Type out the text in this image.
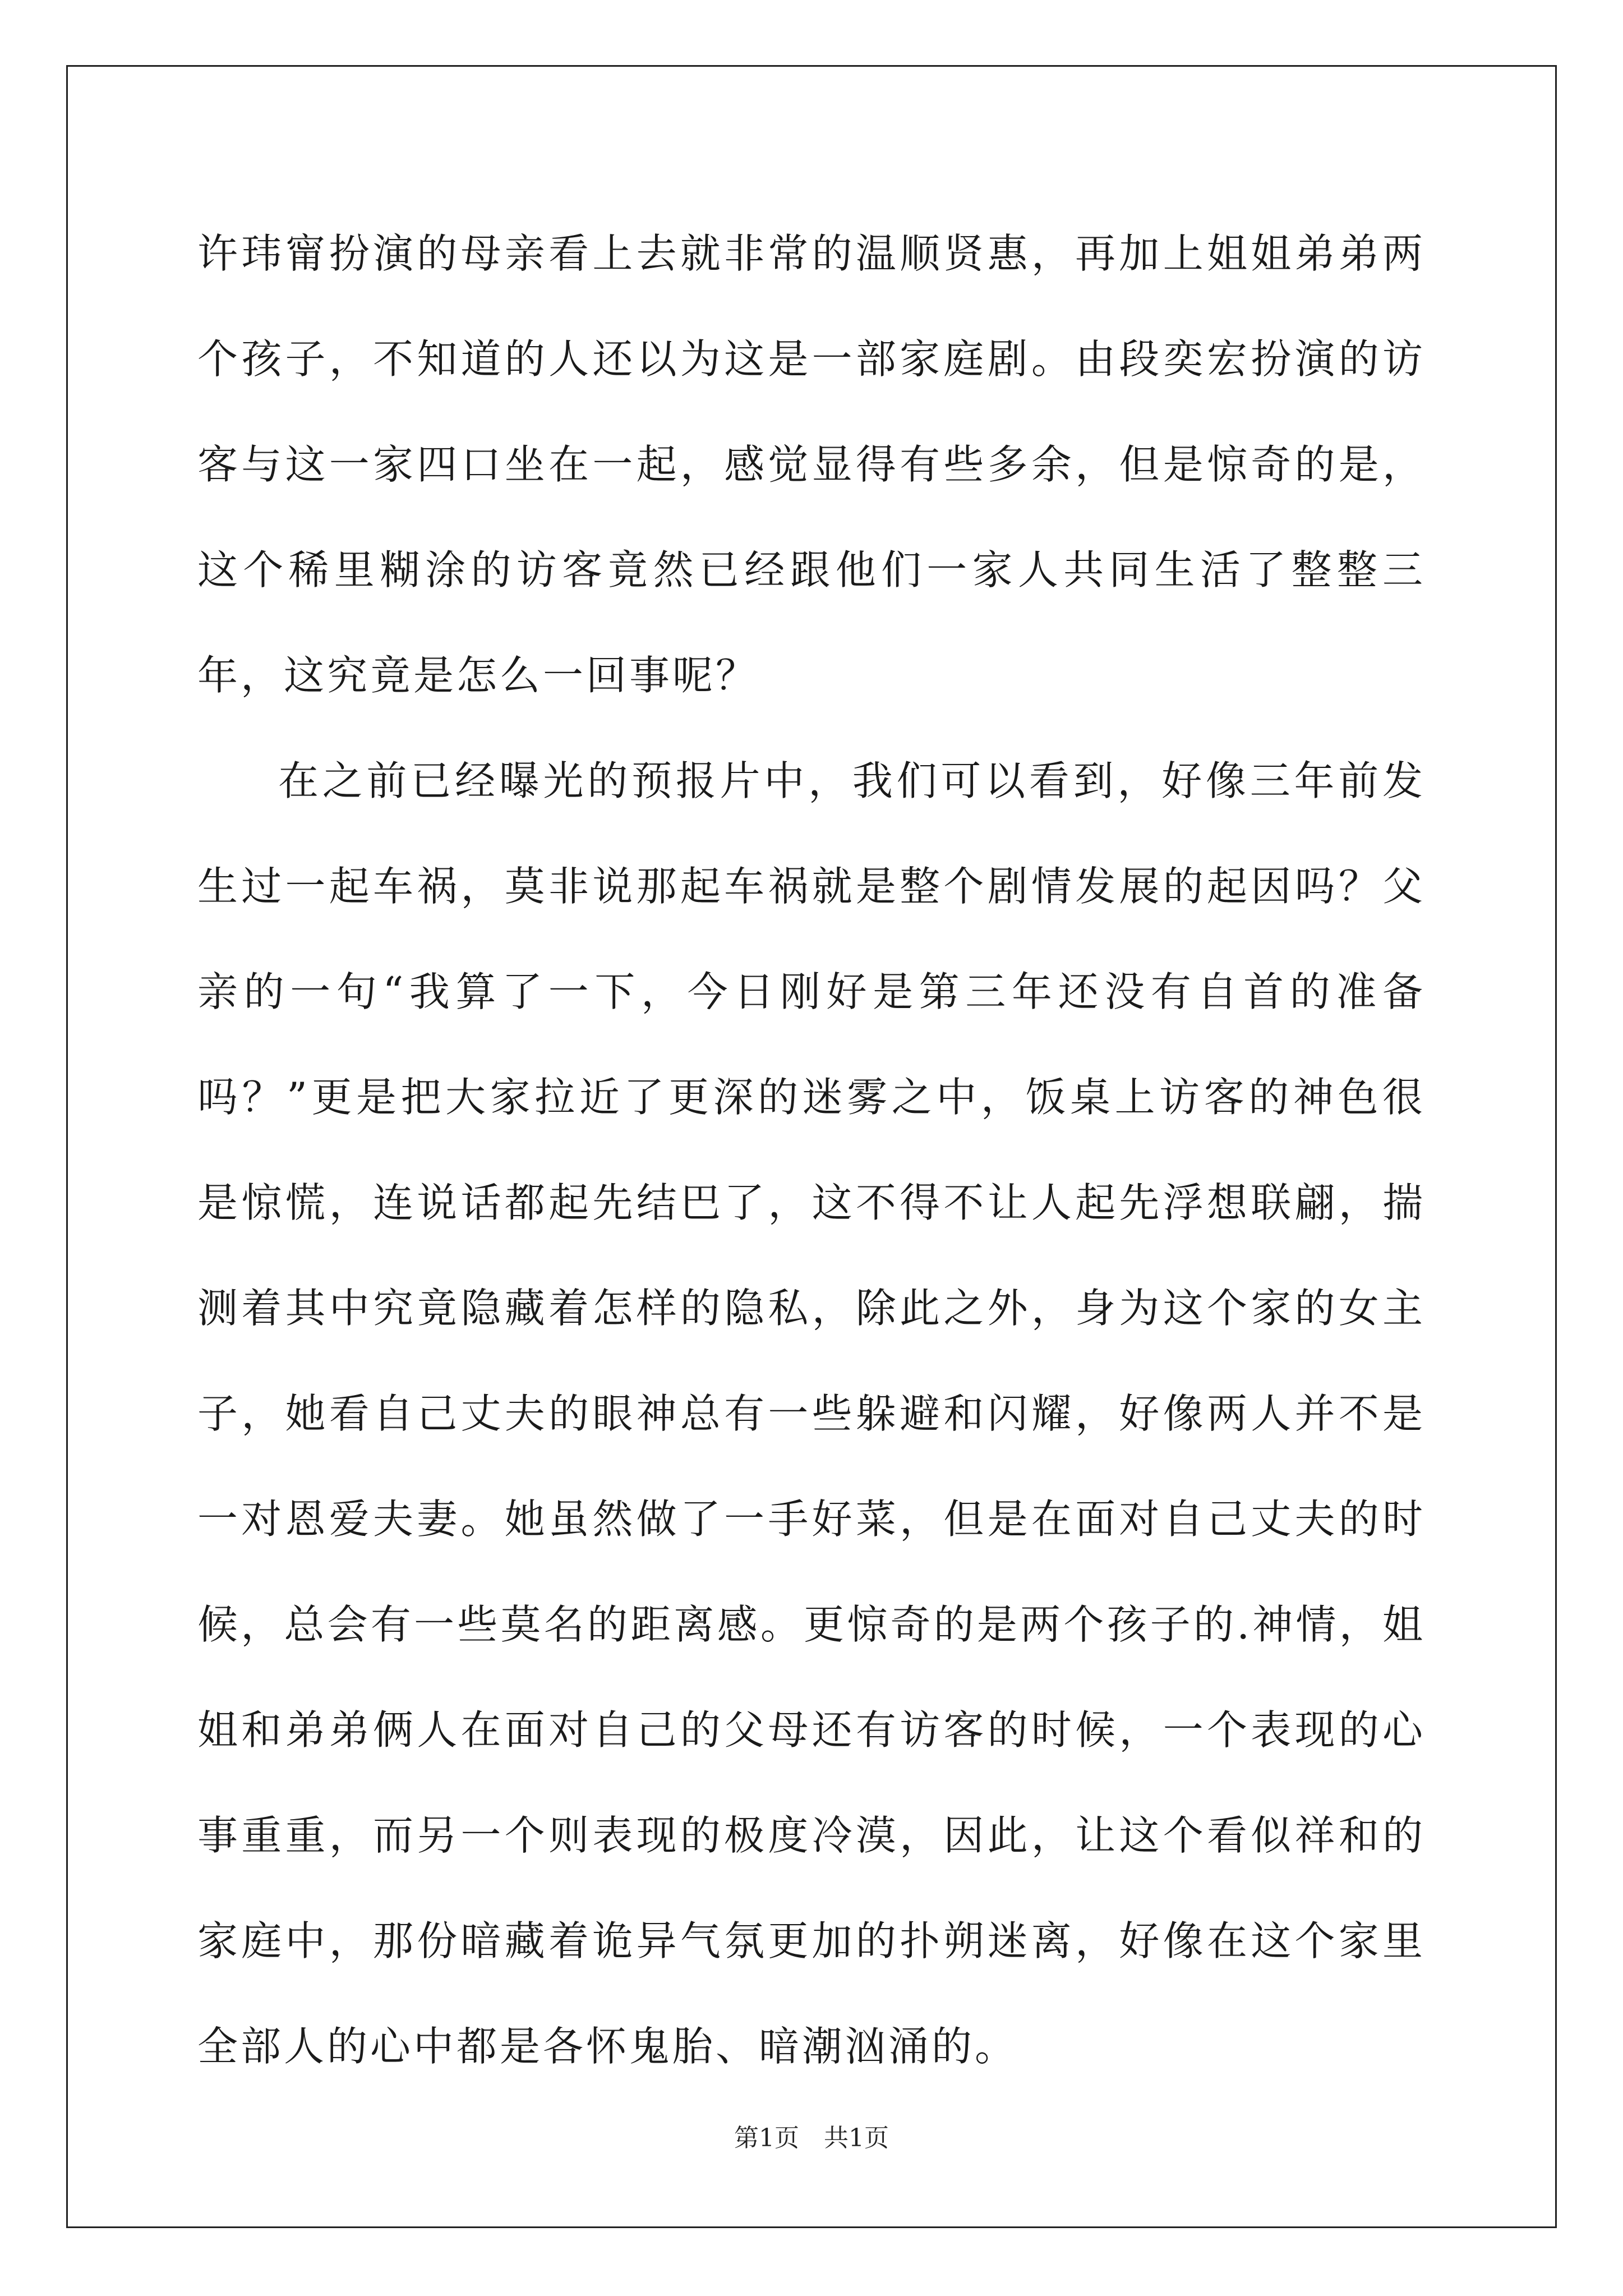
许玮甯扮演的母亲看上去就非常的温顺贤惠，再加上姐姐弟弟两个孩子，不知道的人还以为这是一部家庭剧。由段奕宏扮演的访客与这一家四口坐在一起，感觉显得有些多余，但是惊奇的是，这个稀里糊涂的访客竟然已经跟他们一家人共同生活了整整三年，这究竟是怎么一回事呢？

在之前已经曝光的预报片中，我们可以看到，好像三年前发生过一起车祸，莫非说那起车祸就是整个剧情发展的起因吗？父亲的一句“我算了一下，今日刚好是第三年还没有自首的准备吗？”更是把大家拉近了更深的迷雾之中，饭桌上访客的神色很是惊慌，连说话都起先结巴了，这不得不让人起先浮想联翩，揣测着其中究竟隐藏着怎样的隐私，除此之外，身为这个家的女主子，她看自己丈夫的眼神总有一些躲避和闪耀，好像两人并不是一对恩爱夫妻。她虽然做了一手好菜，但是在面对自己丈夫的时候，总会有一些莫名的距离感。更惊奇的是两个孩子的.神情，姐姐和弟弟俩人在面对自己的父母还有访客的时候，一个表现的心事重重，而另一个则表现的极度冷漠，因此，让这个看似祥和的家庭中，那份暗藏着诡异气氛更加的扑朔迷离，好像在这个家里全部人的心中都是各怀鬼胎、暗潮汹涌的。

第1页　共1页
